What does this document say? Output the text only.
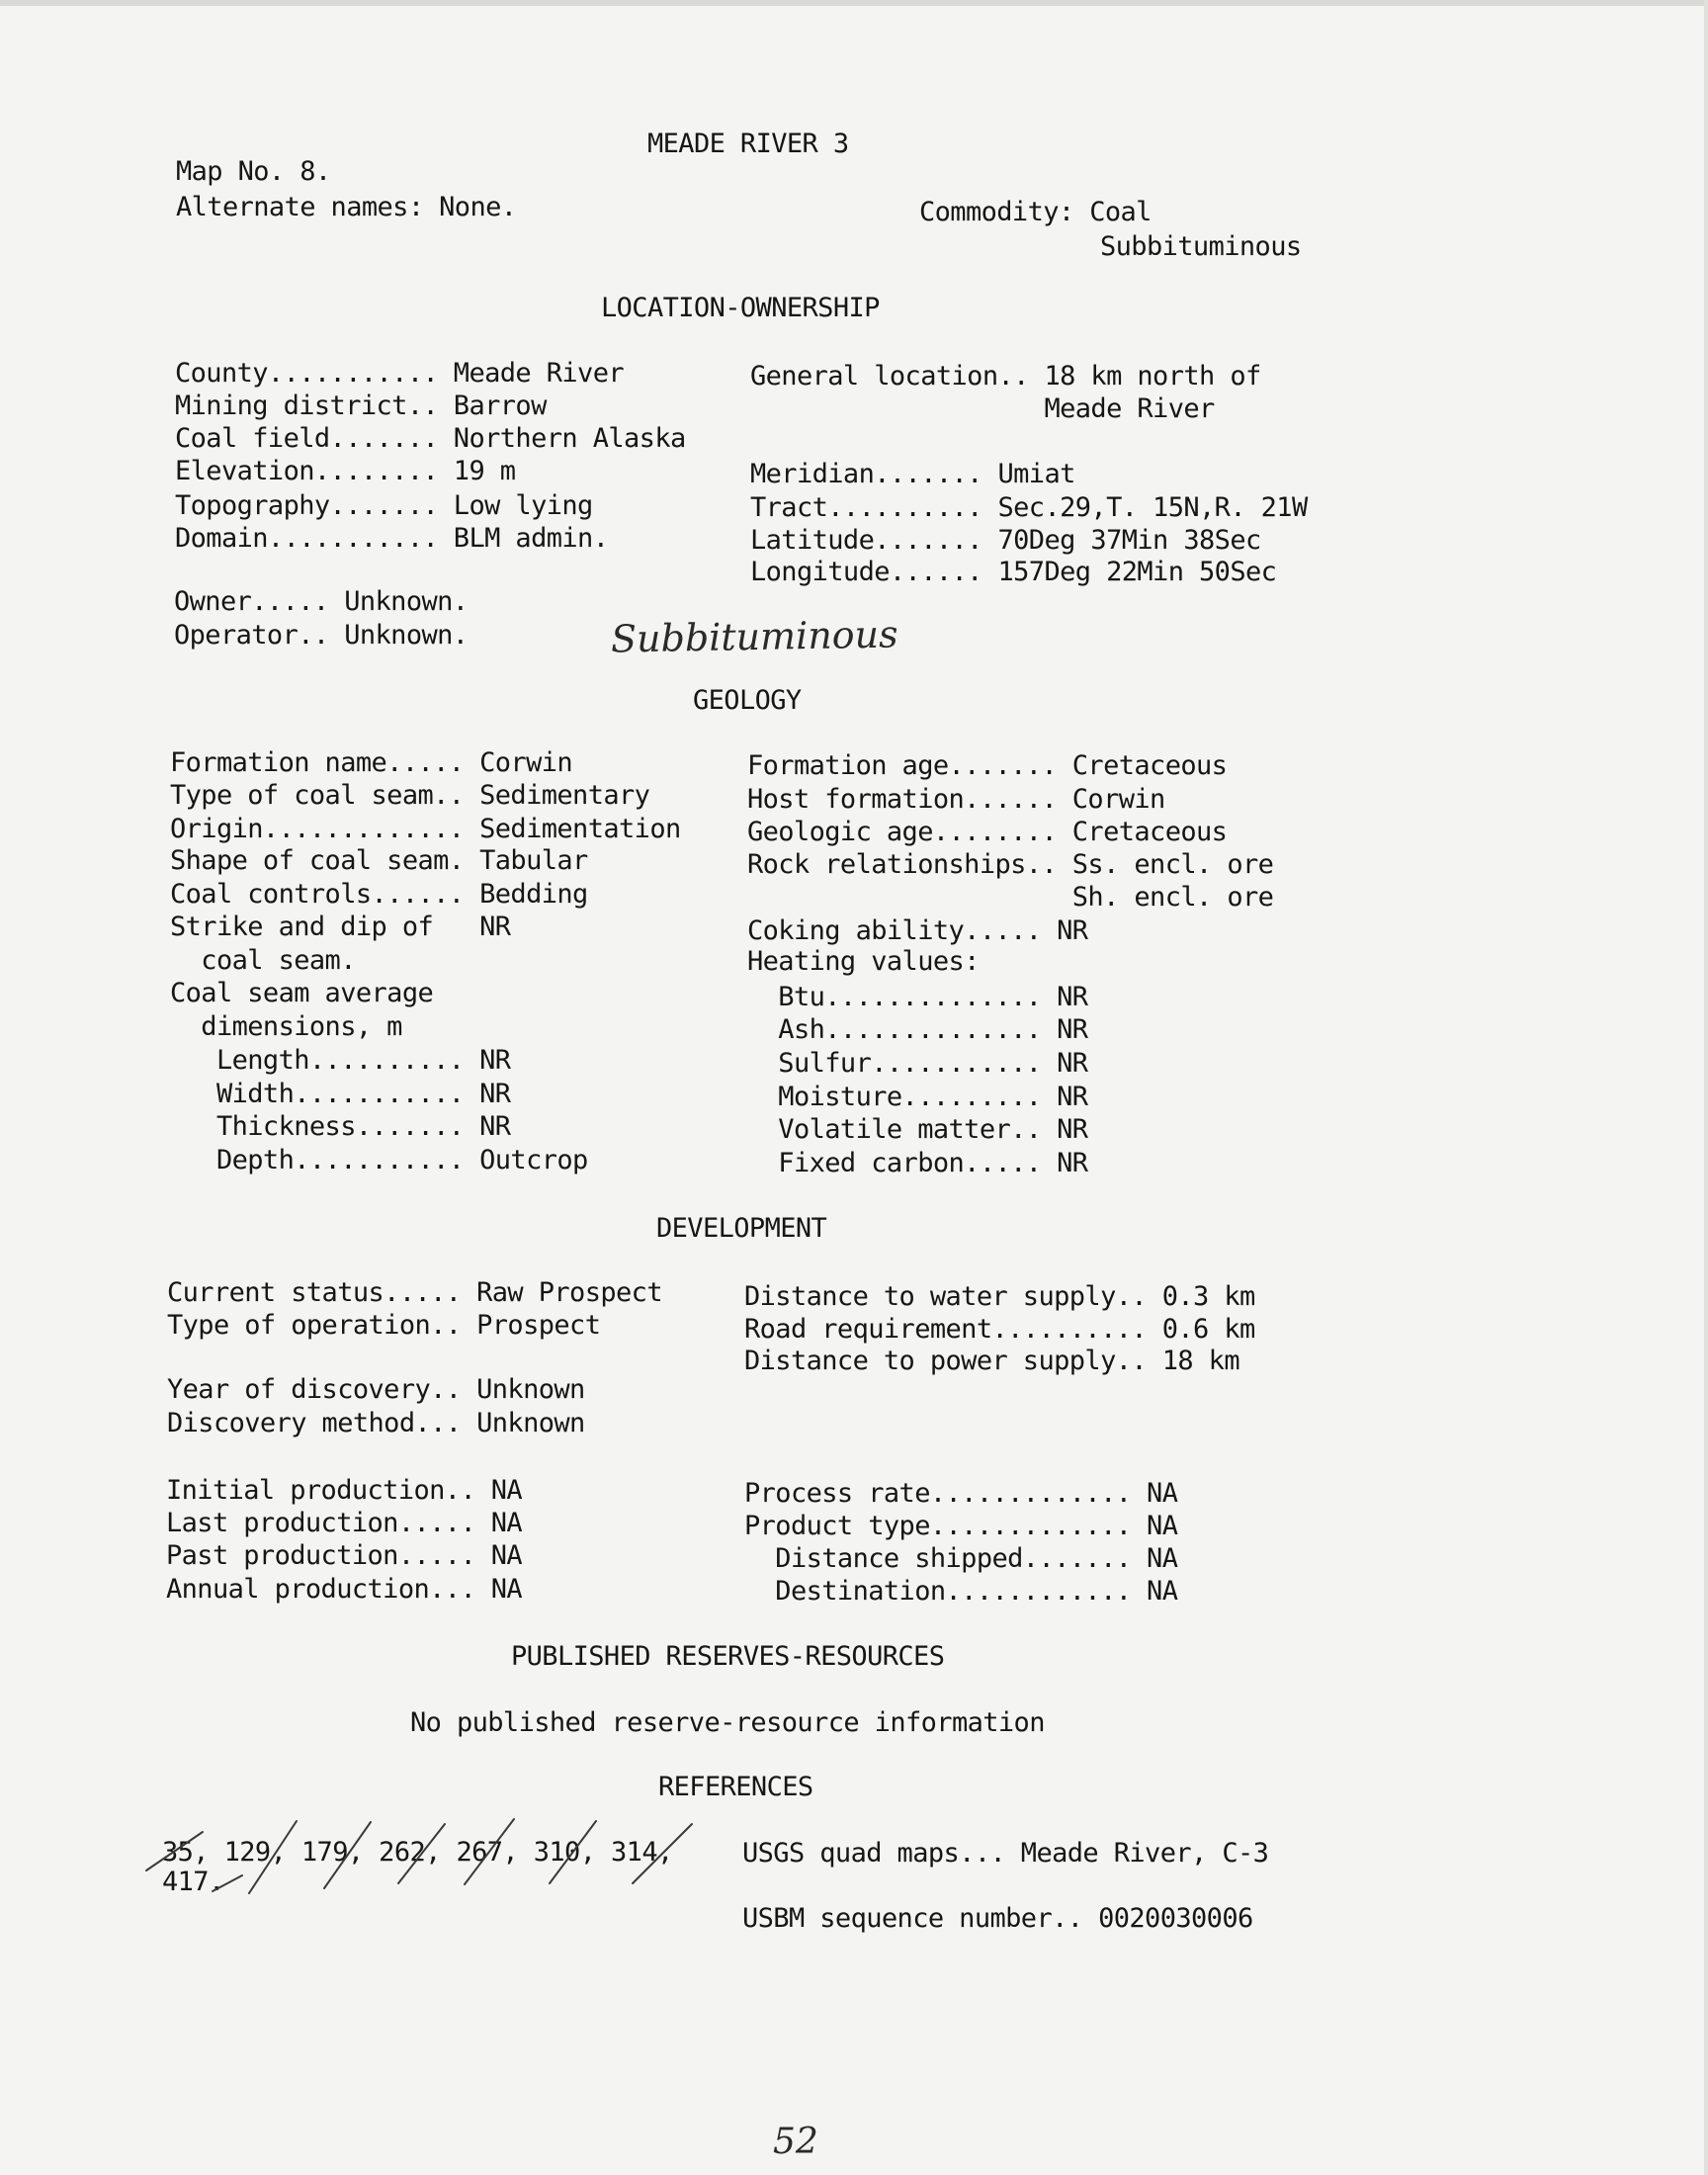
MEADE RIVER 3
Map No. 8.
Alternate names: None.	Commodity: Coal
Subbituminous
LOCATION-OWNERSHIP
County........... Meade River
Mining district.. Barrow
Coal field....... Northern Alaska
Elevation........ 19 m
Topography....... Low lying
Domain........... BLM admin.
General location.. 18 km north of
Meade River
Meridian....... Umiat
Tract.......... Sec.29,T. 15N,R. 21W
Latitude....... 70Deg 37Min 38Sec
Longitude...... 157Deg 22Min 50Sec
Owner..... Unknown.
Operator.. Unknown.	Subbituminous
GEOLOGY
Formation name..... Corwin
Type of coal seam.. Sedimentary
Origin............. Sedimentation
Shape of coal seam. Tabular
Coal controls...... Bedding
Strike and dip of   NR
coal seam.
Coal seam average
dimensions, m
Length.......... NR
Width........... NR
Thickness....... NR
Depth........... Outcrop
Formation age....... Cretaceous
Host formation...... Corwin
Geologic age........ Cretaceous
Rock relationships.. Ss. encl. ore
Sh. encl. ore
Coking ability..... NR
Heating values:
Btu.............. NR
Ash.............. NR
Sulfur........... NR
Moisture......... NR
Volatile matter.. NR
Fixed carbon..... NR
DEVELOPMENT
Current status..... Raw Prospect
Type of operation.. Prospect
Year of discovery.. Unknown
Discovery method... Unknown
Distance to water supply.. 0.3 km
Road requirement.......... 0.6 km
Distance to power supply.. 18 km
Initial production.. NA
Last production..... NA
Past production..... NA
Annual production... NA
Process rate............. NA
Product type............. NA
Distance shipped....... NA
Destination............ NA
PUBLISHED RESERVES-RESOURCES
No published reserve-resource information
REFERENCES
35, 129, 179, 262, 267, 310, 314,
417.
USGS quad maps... Meade River, C-3
USBM sequence number.. 0020030006
52
